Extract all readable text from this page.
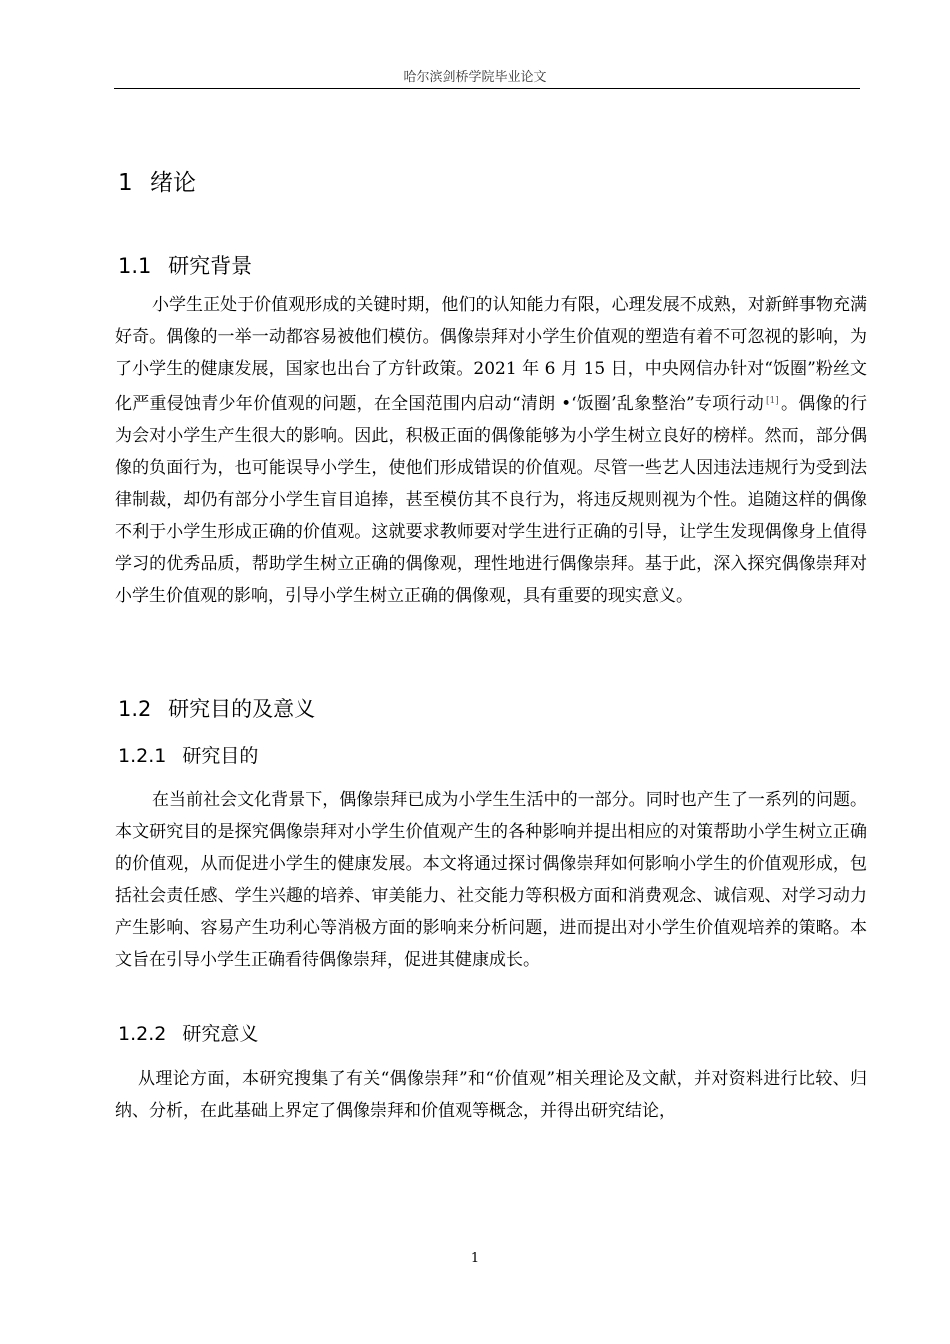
哈尔滨剑桥学院毕业论文
1 绪论
1.1 研究背景

小学生正处于价值观形成的关键时期，他们的认知能力有限，心理发展不成熟，对新鲜事物充满好奇。偶像的一举一动都容易被他们模仿。偶像崇拜对小学生价值观的塑造有着不可忽视的影响，为了小学生的健康发展，国家也出台了方针政策。2021 年 6 月 15 日，中央网信办针对“饭圈”粉丝文化严重侵蚀青少年价值观的问题，在全国范围内启动“清朗 •‘饭圈’乱象整治”专项行动 [1] 。偶像的行为会对小学生产生很大的影响。因此，积极正面的偶像能够为小学生树立良好的榜样。然而，部分偶像的负面行为，也可能误导小学生，使他们形成错误的价值观。尽管一些艺人因违法违规行为受到法律制裁，却仍有部分小学生盲目追捧，甚至模仿其不良行为，将违反规则视为个性。追随这样的偶像不利于小学生形成正确的价值观。这就要求教师要对学生进行正确的引导，让学生发现偶像身上值得学习的优秀品质，帮助学生树立正确的偶像观，理性地进行偶像崇拜。基于此，深入探究偶像崇拜对小学生价值观的影响，引导小学生树立正确的偶像观，具有重要的现实意义。

1.2 研究目的及意义
1.2.1 研究目的

在当前社会文化背景下，偶像崇拜已成为小学生生活中的一部分。同时也产生了一系列的问题。本文研究目的是探究偶像崇拜对小学生价值观产生的各种影响并提出相应的对策帮助小学生树立正确的价值观，从而促进小学生的健康发展。本文将通过探讨偶像崇拜如何影响小学生的价值观形成，包括社会责任感、学生兴趣的培养、审美能力、社交能力等积极方面和消费观念、诚信观、对学习动力产生影响、容易产生功利心等消极方面的影响来分析问题，进而提出对小学生价值观培养的策略。本文旨在引导小学生正确看待偶像崇拜，促进其健康成长。

1.2.2 研究意义

从理论方面，本研究搜集了有关“偶像崇拜”和“价值观”相关理论及文献，并对资料进行比较、归纳、分析，在此基础上界定了偶像崇拜和价值观等概念，并得出研究结论，

1
